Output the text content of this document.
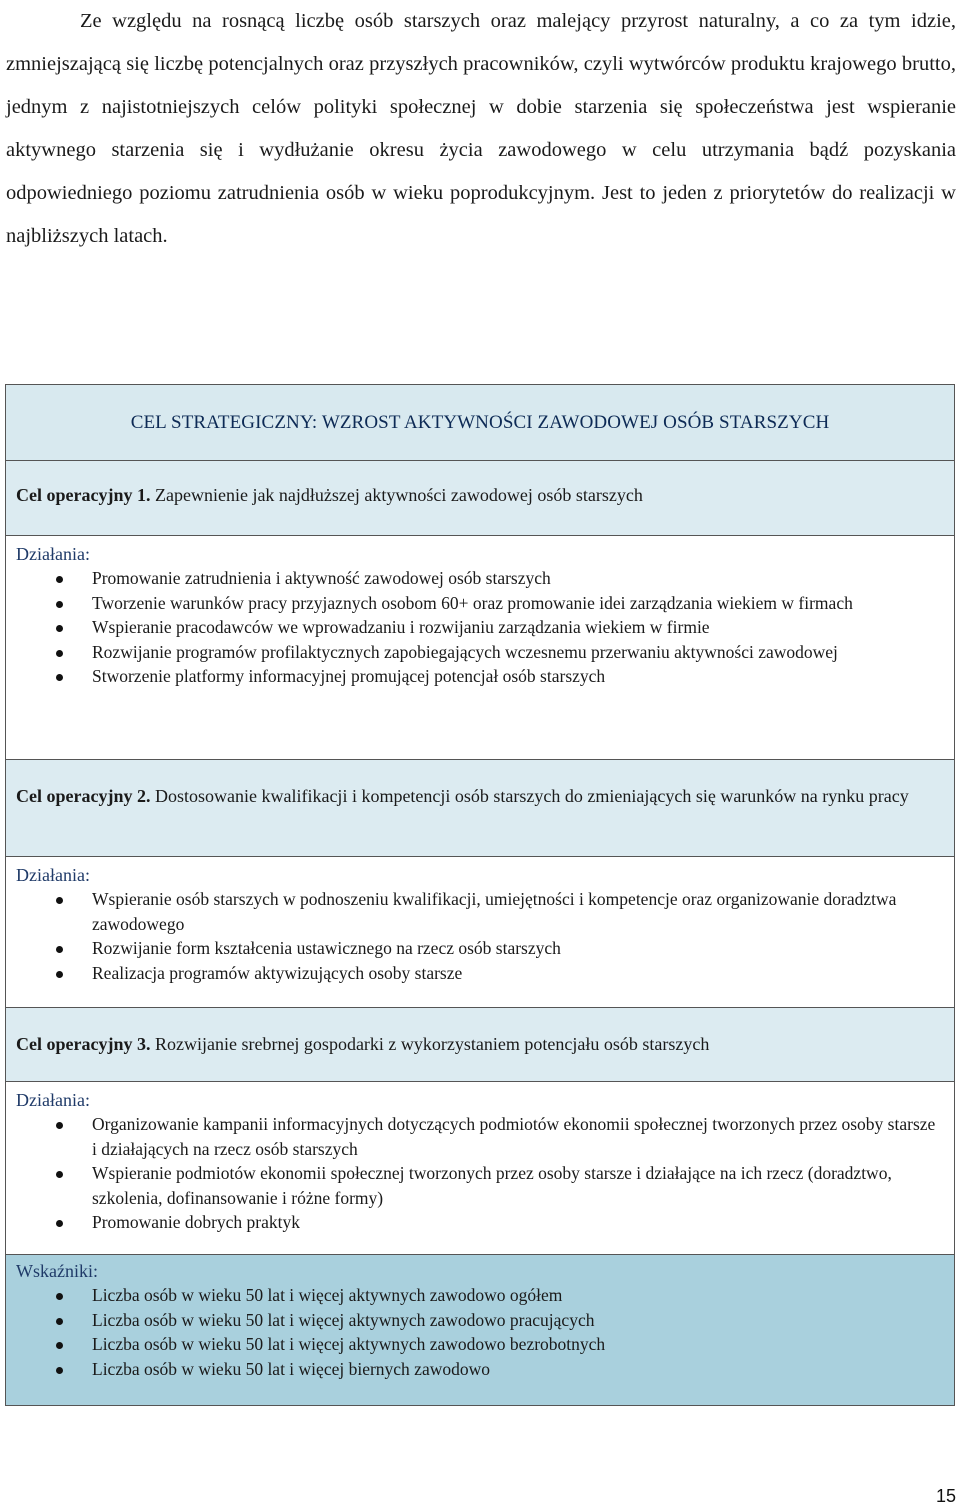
Ze względu na rosnącą liczbę osób starszych oraz malejący przyrost naturalny, a co za tym idzie, zmniejszającą się liczbę potencjalnych oraz przyszłych pracowników, czyli wytwórców produktu krajowego brutto, jednym z najistotniejszych celów polityki społecznej w dobie starzenia się społeczeństwa jest wspieranie aktywnego starzenia się i wydłużanie okresu życia zawodowego w celu utrzymania bądź pozyskania odpowiedniego poziomu zatrudnienia osób w wieku poprodukcyjnym. Jest to jeden z priorytetów do realizacji w najbliższych latach.

CEL STRATEGICZNY: WZROST AKTYWNOŚCI ZAWODOWEJ OSÓB STARSZYCH
Cel operacyjny 1. Zapewnienie jak najdłuższej aktywności zawodowej osób starszych
Działania:
Promowanie zatrudnienia i aktywność zawodowej osób starszych
Tworzenie warunków pracy przyjaznych osobom 60+ oraz promowanie idei zarządzania wiekiem w firmach
Wspieranie pracodawców we wprowadzaniu i rozwijaniu zarządzania wiekiem w firmie
Rozwijanie programów profilaktycznych zapobiegających wczesnemu przerwaniu aktywności zawodowej
Stworzenie platformy informacyjnej promującej potencjał osób starszych
Cel operacyjny 2. Dostosowanie kwalifikacji i kompetencji osób starszych do zmieniających się warunków na rynku pracy
Działania:
Wspieranie osób starszych w podnoszeniu kwalifikacji, umiejętności i kompetencje oraz organizowanie doradztwa zawodowego
Rozwijanie form kształcenia ustawicznego na rzecz osób starszych
Realizacja programów aktywizujących osoby starsze
Cel operacyjny 3. Rozwijanie srebrnej gospodarki z wykorzystaniem potencjału osób starszych
Działania:
Organizowanie kampanii informacyjnych dotyczących podmiotów ekonomii społecznej tworzonych przez osoby starsze i działających na rzecz osób starszych
Wspieranie podmiotów ekonomii społecznej tworzonych przez osoby starsze i działające na ich rzecz (doradztwo, szkolenia, dofinansowanie i różne formy)
Promowanie dobrych praktyk
Wskaźniki:
Liczba osób w wieku 50 lat i więcej aktywnych zawodowo ogółem
Liczba osób w wieku 50 lat i więcej aktywnych zawodowo pracujących
Liczba osób w wieku 50 lat i więcej aktywnych zawodowo bezrobotnych
Liczba osób w wieku 50 lat i więcej biernych zawodowo
15
